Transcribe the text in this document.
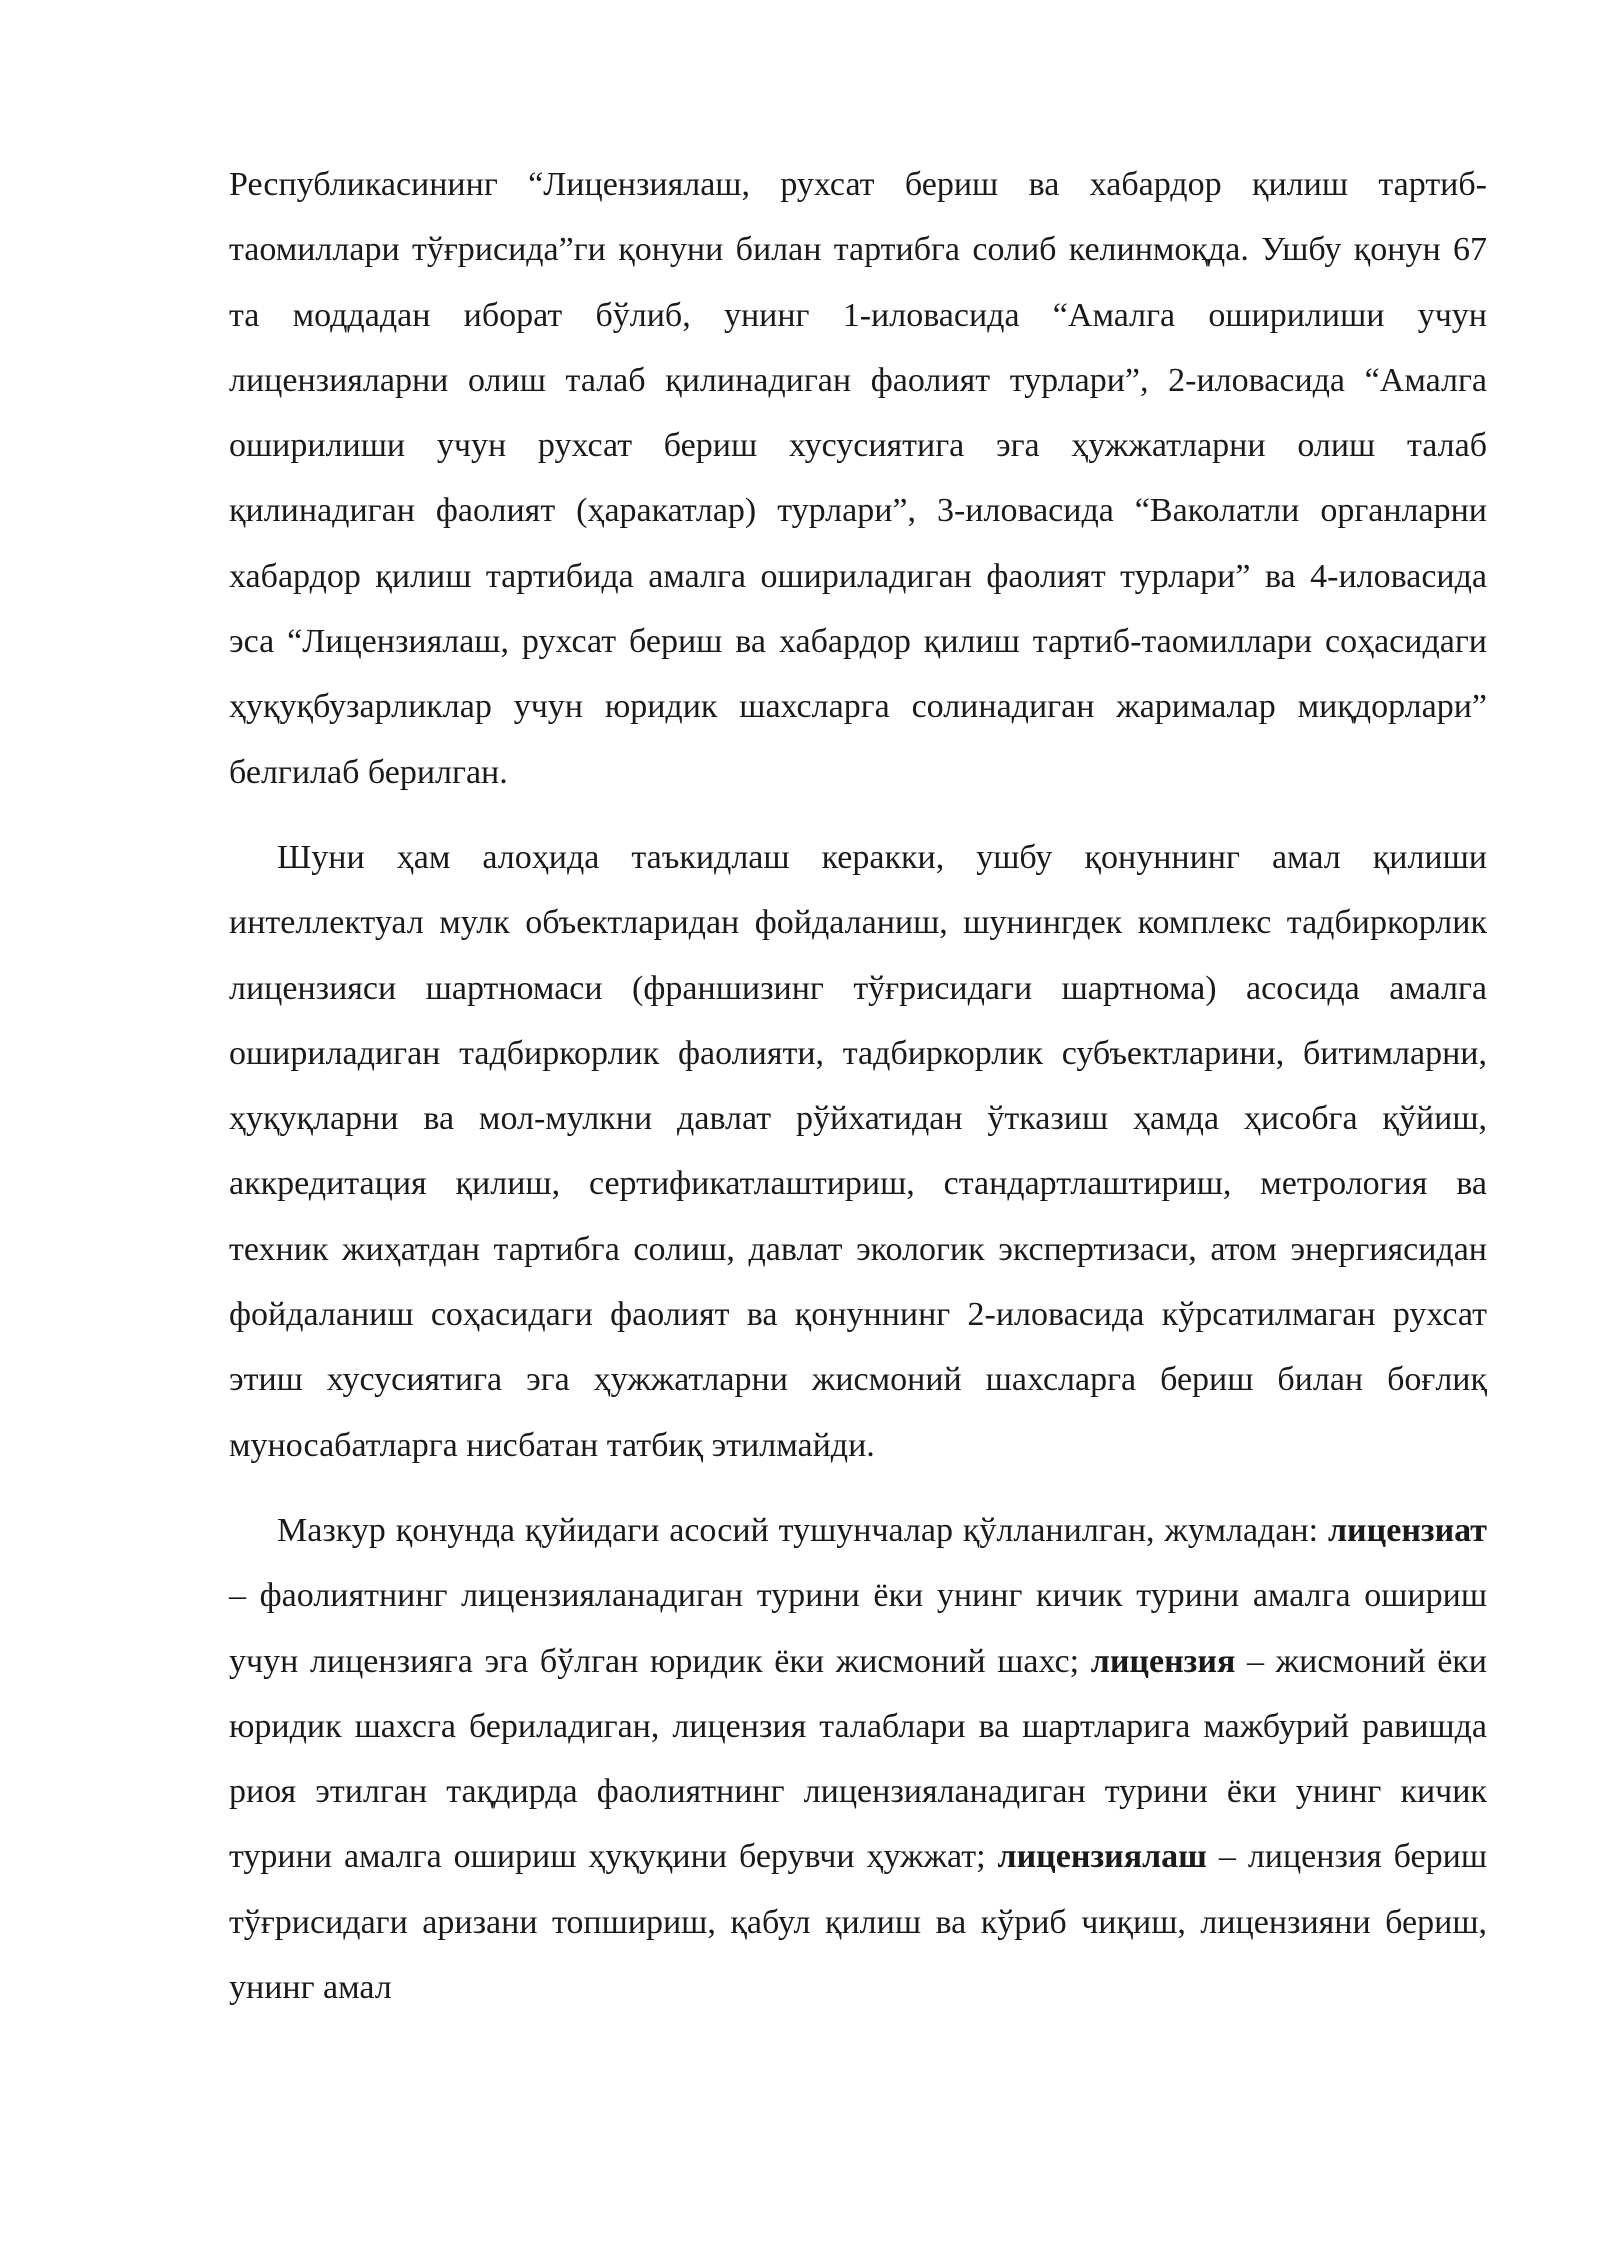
Республикасининг “Лицензиялаш, рухсат бериш ва хабардор қилиш тартиб-таомиллари тўғрисида”ги қонуни билан тартибга солиб келинмоқда. Ушбу қонун 67 та моддадан иборат бўлиб, унинг 1-иловасида “Амалга оширилиши учун лицензияларни олиш талаб қилинадиган фаолият турлари”, 2-иловасида “Амалга оширилиши учун рухсат бериш хусусиятига эга ҳужжатларни олиш талаб қилинадиган фаолият (ҳаракатлар) турлари”, 3-иловасида “Ваколатли органларни хабардор қилиш тартибида амалга ошириладиган фаолият турлари” ва 4-иловасида эса “Лицензиялаш, рухсат бериш ва хабардор қилиш тартиб-таомиллари соҳасидаги ҳуқуқбузарликлар учун юридик шахсларга солинадиган жарималар миқдорлари” белгилаб берилган.

Шуни ҳам алоҳида таъкидлаш керакки, ушбу қонуннинг амал қилиши интеллектуал мулк объектларидан фойдаланиш, шунингдек комплекс тадбиркорлик лицензияси шартномаси (франшизинг тўғрисидаги шартнома) асосида амалга ошириладиган тадбиркорлик фаолияти, тадбиркорлик субъектларини, битимларни, ҳуқуқларни ва мол-мулкни давлат рўйхатидан ўтказиш ҳамда ҳисобга қўйиш, аккредитация қилиш, сертификатлаштириш, стандартлаштириш, метрология ва техник жиҳатдан тартибга солиш, давлат экологик экспертизаси, атом энергиясидан фойдаланиш соҳасидаги фаолият ва қонуннинг 2-иловасида кўрсатилмаган рухсат этиш хусусиятига эга ҳужжатларни жисмоний шахсларга бериш билан боғлиқ муносабатларга нисбатан татбиқ этилмайди.

Мазкур қонунда қуйидаги асосий тушунчалар қўлланилган, жумладан: лицензиат – фаолиятнинг лицензияланадиган турини ёки унинг кичик турини амалга ошириш учун лицензияга эга бўлган юридик ёки жисмоний шахс; лицензия – жисмоний ёки юридик шахсга бериладиган, лицензия талаблари ва шартларига мажбурий равишда риоя этилган тақдирда фаолиятнинг лицензияланадиган турини ёки унинг кичик турини амалга ошириш ҳуқуқини берувчи ҳужжат; лицензиялаш – лицензия бериш тўғрисидаги аризани топшириш, қабул қилиш ва кўриб чиқиш, лицензияни бериш, унинг амал
